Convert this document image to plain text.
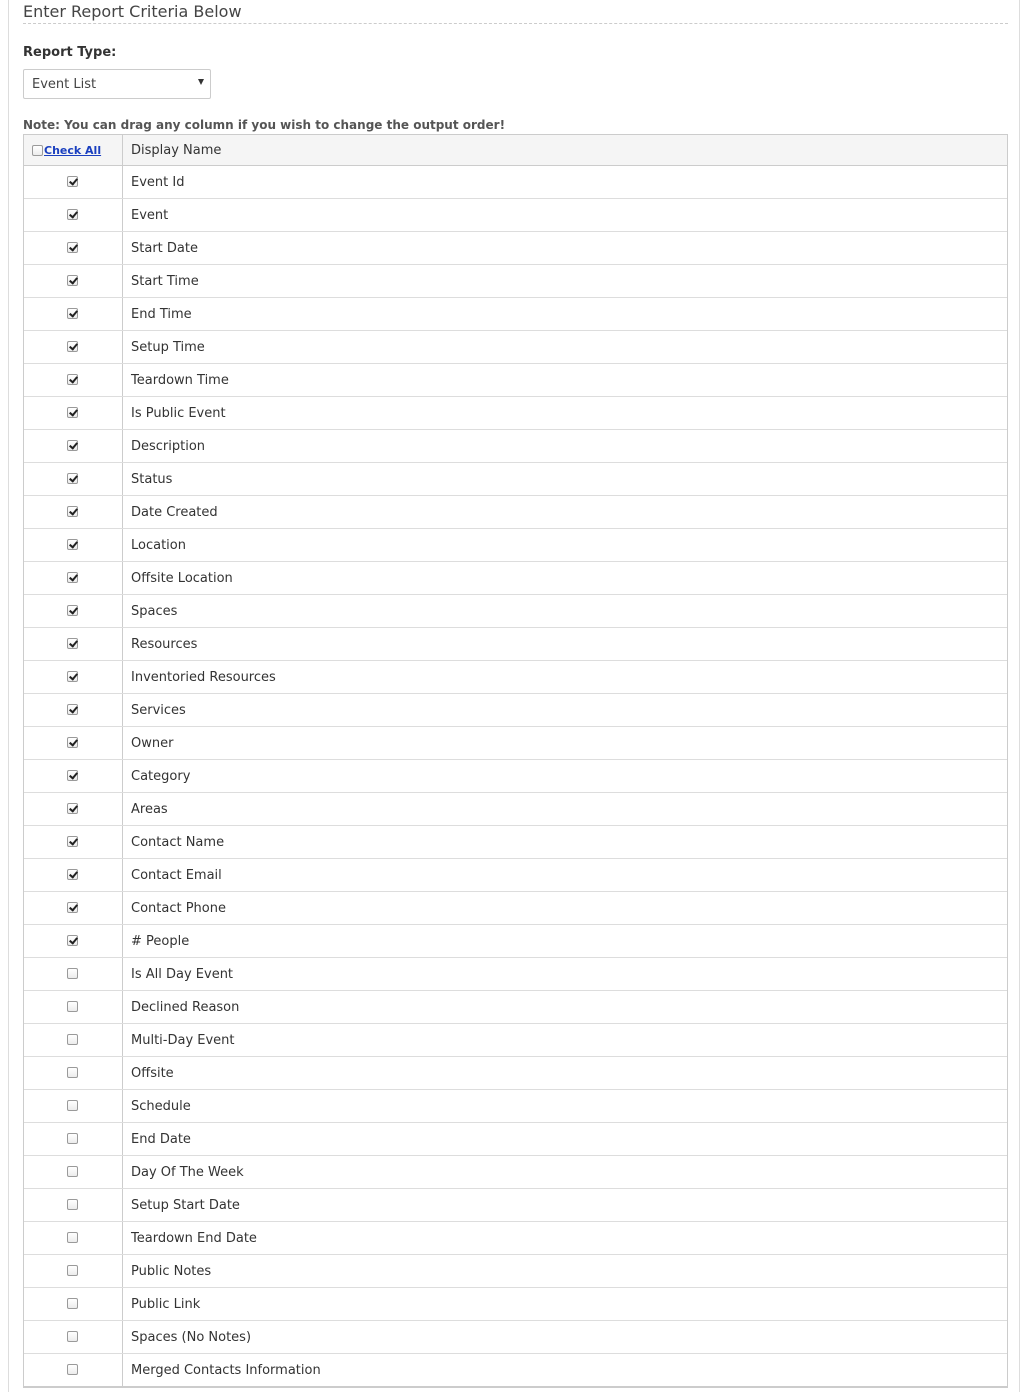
Enter Report Criteria Below
Report Type:
Event List
Note: You can drag any column if you wish to change the output order!
Check All	Display Name
Event Id
Event
Start Date
Start Time
End Time
Setup Time
Teardown Time
Is Public Event
Description
Status
Date Created
Location
Offsite Location
Spaces
Resources
Inventoried Resources
Services
Owner
Category
Areas
Contact Name
Contact Email
Contact Phone
# People
Is All Day Event
Declined Reason
Multi-Day Event
Offsite
Schedule
End Date
Day Of The Week
Setup Start Date
Teardown End Date
Public Notes
Public Link
Spaces (No Notes)
Merged Contacts Information
